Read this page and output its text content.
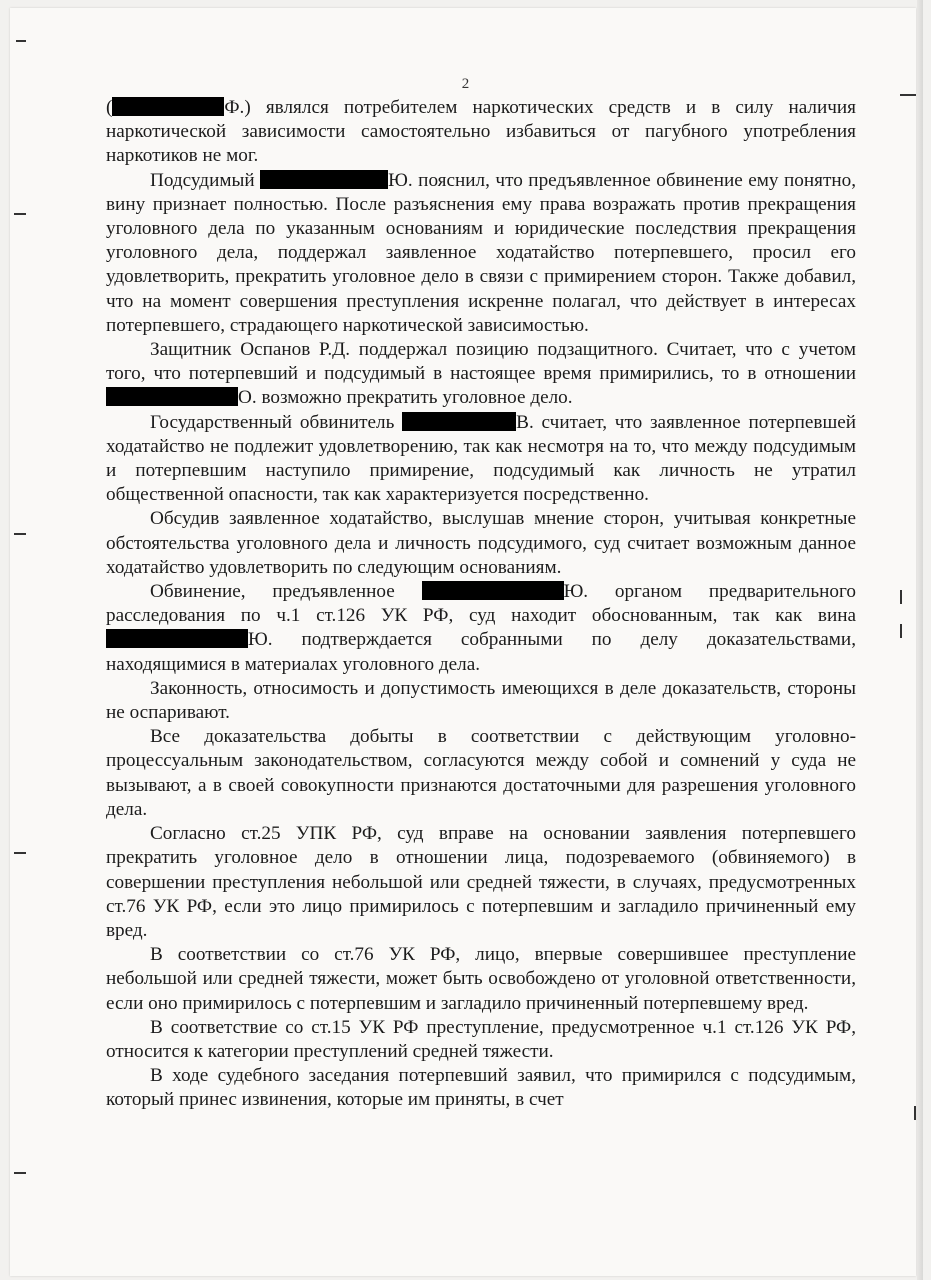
2

(	Ф.) являлся потребителем наркотических средств и в силу наличия наркотической зависимости самостоятельно избавиться от пагубного употребления наркотиков не мог.

Подсудимый	Ю. пояснил, что предъявленное обвинение ему понятно, вину признает полностью. После разъяснения ему права возражать против прекращения уголовного дела по указанным основаниям и юридические последствия прекращения уголовного дела, поддержал заявленное ходатайство потерпевшего, просил его удовлетворить, прекратить уголовное дело в связи с примирением сторон. Также добавил, что на момент совершения преступления искренне полагал, что действует в интересах потерпевшего, страдающего наркотической зависимостью.

Защитник Оспанов Р.Д. поддержал позицию подзащитного. Считает, что с учетом того, что потерпевший и подсудимый в настоящее время примирились, то в отношении О. возможно прекратить уголовное дело.

Государственный обвинитель	В. считает, что заявленное потерпевшей ходатайство не подлежит удовлетворению, так как несмотря на то, что между подсудимым и потерпевшим наступило примирение, подсудимый как личность не утратил общественной опасности, так как характеризуется посредственно.

Обсудив заявленное ходатайство, выслушав мнение сторон, учитывая конкретные обстоятельства уголовного дела и личность подсудимого, суд считает возможным данное ходатайство удовлетворить по следующим основаниям.

Обвинение, предъявленное	Ю. органом предварительного расследования по ч.1 ст.126 УК РФ, суд находит обоснованным, так как вина Ю. подтверждается собранными по делу доказательствами, находящимися в материалах уголовного дела.

Законность, относимость и допустимость имеющихся в деле доказательств, стороны не оспаривают.

Все доказательства добыты в соответствии с действующим уголовно-процессуальным законодательством, согласуются между собой и сомнений у суда не вызывают, а в своей совокупности признаются достаточными для разрешения уголовного дела.

Согласно ст.25 УПК РФ, суд вправе на основании заявления потерпевшего прекратить уголовное дело в отношении лица, подозреваемого (обвиняемого) в совершении преступления небольшой или средней тяжести, в случаях, предусмотренных ст.76 УК РФ, если это лицо примирилось с потерпевшим и загладило причиненный ему вред.

В соответствии со ст.76 УК РФ, лицо, впервые совершившее преступление небольшой или средней тяжести, может быть освобождено от уголовной ответственности, если оно примирилось с потерпевшим и загладило причиненный потерпевшему вред.

В соответствие со ст.15 УК РФ преступление, предусмотренное ч.1 ст.126 УК РФ, относится к категории преступлений средней тяжести.

В ходе судебного заседания потерпевший заявил, что примирился с подсудимым, который принес извинения, которые им приняты, в счет
